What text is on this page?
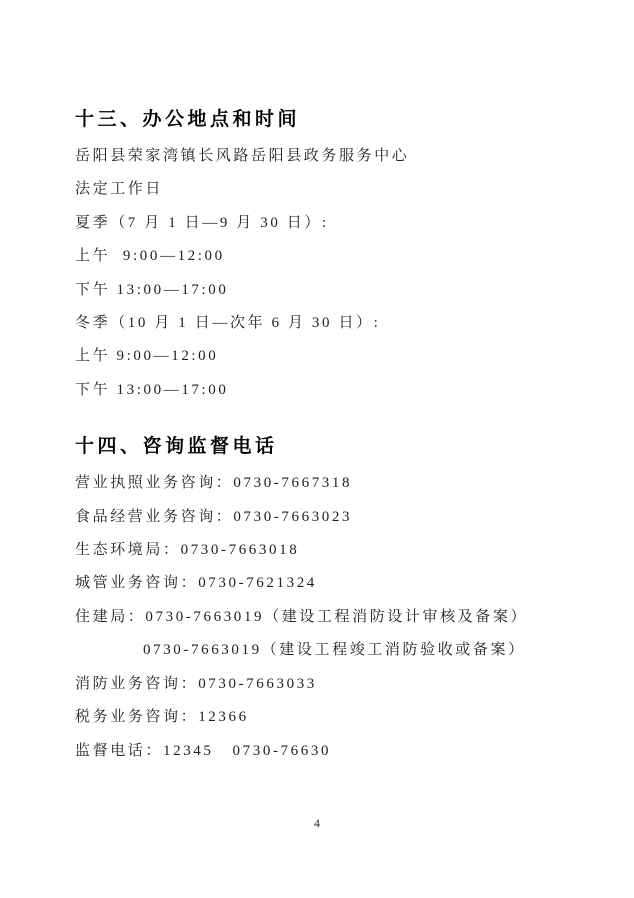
十三、办公地点和时间

岳阳县荣家湾镇长风路岳阳县政务服务中心

法定工作日

夏季（7 月 1 日—9 月 30 日）:

上午  9:00—12:00

下午 13:00—17:00

冬季（10 月 1 日—次年 6 月 30 日）:

上午 9:00—12:00

下午 13:00—17:00

十四、咨询监督电话

营业执照业务咨询：0730-7667318

食品经营业务咨询：0730-7663023

生态环境局：0730-7663018

城管业务咨询：0730-7621324

住建局：0730-7663019（建设工程消防设计审核及备案）

0730-7663019（建设工程竣工消防验收或备案）

消防业务咨询：0730-7663033

税务业务咨询：12366

监督电话：12345   0730-76630

4
